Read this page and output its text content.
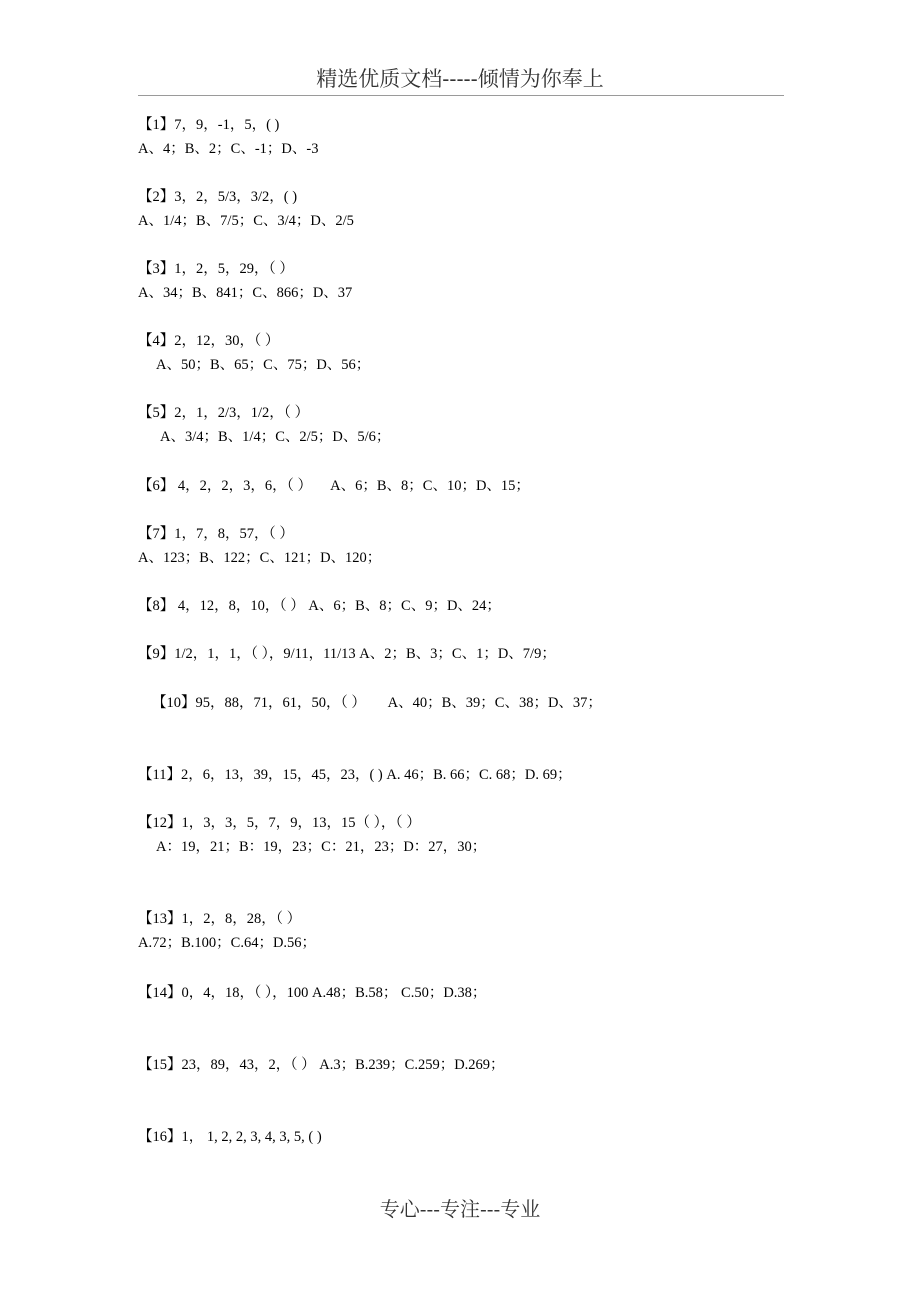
精选优质文档-----倾情为你奉上
【1】7，9，-1，5，( )
A、4；B、2；C、-1；D、-3
【2】3，2，5/3，3/2，( )
A、1/4；B、7/5；C、3/4；D、2/5
【3】1，2，5，29，（ ）
A、34；B、841；C、866；D、37
【4】2，12，30，（ ）
A、50；B、65；C、75；D、56；
【5】2，1，2/3，1/2，（ ）
A、3/4；B、1/4；C、2/5；D、5/6；
【6】 4，2，2，3，6，（ ）     A、6；B、8；C、10；D、15；
【7】1，7，8，57，（ ）
A、123；B、122；C、121；D、120；
【8】 4，12，8，10，（ ） A、6；B、8；C、9；D、24；
【9】1/2，1，1，（ ），9/11，11/13 A、2；B、3；C、1；D、7/9；
【10】95，88，71，61，50，（ ）      A、40；B、39；C、38；D、37；
【11】2，6，13，39，15，45，23，( ) A. 46；B. 66；C. 68；D. 69；
【12】1，3，3，5，7，9，13，15（ ），（ ）
A：19，21；B：19，23；C：21，23；D：27，30；
【13】1，2，8，28，（ ）
A.72；B.100；C.64；D.56；
【14】0，4，18，（ ），100 A.48；B.58； C.50；D.38；
【15】23，89，43，2，（ ） A.3；B.239；C.259；D.269；
【16】1， 1, 2, 2, 3, 4, 3, 5, ( )
专心---专注---专业
